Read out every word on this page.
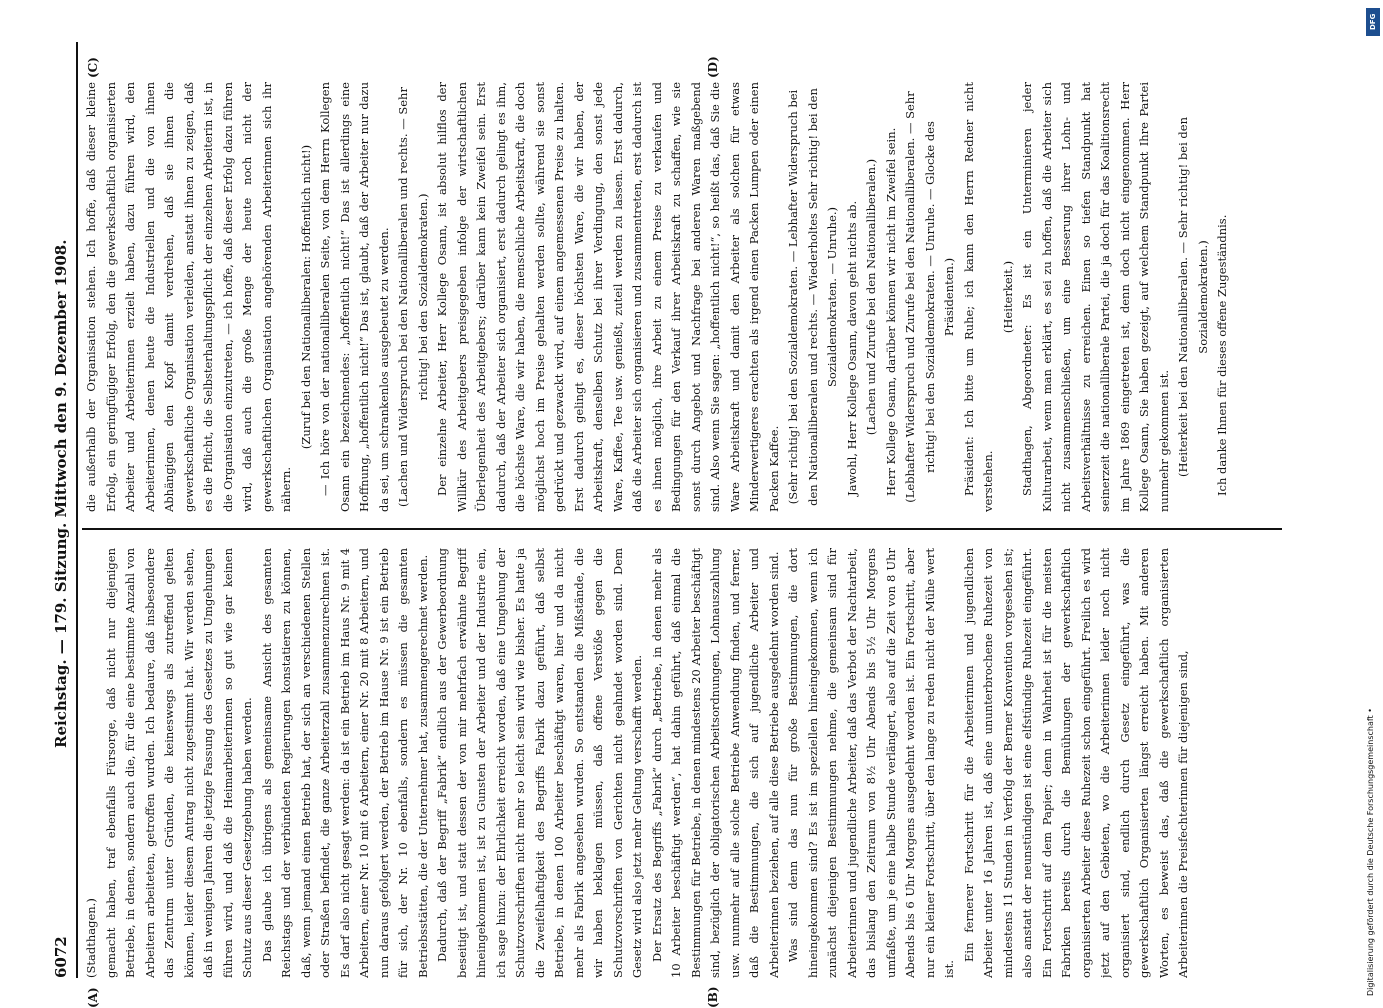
6072
Reichstag. — 179. Sitzung. Mittwoch den 9. Dezember 1908.

(Stadthagen.) gemacht haben, traf ebenfalls Fürsorge, daß nicht nur diejenigen Betriebe, in denen, sondern auch die, für die eine bestimmte Anzahl von Arbeitern arbeiteten, getroffen wurden. Ich bedaure, daß insbesondere das Zentrum unter Gründen, die keineswegs als zutreffend gelten können, leider diesem Antrag nicht zugestimmt hat. Wir werden sehen, daß in wenigen Jahren die jetzige Fassung des Gesetzes zu Umgehungen führen wird, und daß die Heimarbeiterinnen so gut wie gar keinen Schutz aus dieser Gesetzgebung haben werden. Das glaube ich übrigens als gemeinsame Ansicht des gesamten Reichstags und der verbündeten Regierungen konstatieren zu können, daß, wenn jemand einen Betrieb hat, der sich an verschiedenen Stellen oder Straßen befindet, die ganze Arbeiterzahl zusammenzurechnen ist. Es darf also nicht gesagt werden: da ist ein Betrieb im Haus Nr. 9 mit 4 Arbeitern, einer Nr. 10 mit 6 Arbeitern, einer Nr. 20 mit 8 Arbeitern, und nun daraus gefolgert werden, der Betrieb im Hause Nr. 9 ist ein Betrieb für sich, der Nr. 10 ebenfalls, sondern es müssen die gesamten Betriebsstätten, die der Unternehmer hat, zusammengerechnet werden. Dadurch, daß der Begriff „Fabrik“ endlich aus der Gewerbeordnung beseitigt ist, und statt dessen der von mir mehrfach erwähnte Begriff hineingekommen ist, ist zu Gunsten der Arbeiter und der Industrie ein, ich sage hinzu: der Ehrlichkeit erreicht worden, daß eine Umgehung der Schutzvorschriften nicht mehr so leicht sein wird wie bisher. Es hatte ja die Zweifelhaftigkeit des Begriffs Fabrik dazu geführt, daß selbst Betriebe, in denen 100 Arbeiter beschäftigt waren, hier und da nicht mehr als Fabrik angesehen wurden. So entstanden die Mißstände, die wir haben beklagen müssen, daß offene Verstöße gegen die Schutzvorschriften von Gerichten nicht geahndet worden sind. Dem Gesetz wird also jetzt mehr Geltung verschafft werden. Der Ersatz des Begriffs „Fabrik“ durch „Betriebe, in denen mehr als 10 Arbeiter beschäftigt werden“, hat dahin geführt, daß einmal die Bestimmungen für Betriebe, in denen mindestens 20 Arbeiter beschäftigt sind, bezüglich der obligatorischen Arbeitsordnungen, Lohnauszahlung usw. nunmehr auf alle solche Betriebe Anwendung finden, und ferner, daß die Bestimmungen, die sich auf jugendliche Arbeiter und Arbeiterinnen beziehen, auf alle diese Betriebe ausgedehnt worden sind. Was sind denn das nun für große Bestimmungen, die dort hineingekommen sind? Es ist im speziellen hineingekommen, wenn ich zunächst diejenigen Bestimmungen nehme, die gemeinsam sind für Arbeiterinnen und jugendliche Arbeiter, daß das Verbot der Nachtarbeit, das bislang den Zeitraum von 8½ Uhr Abends bis 5½ Uhr Morgens umfaßte, um je eine halbe Stunde verlängert, also auf die Zeit von 8 Uhr Abends bis 6 Uhr Morgens ausgedehnt worden ist. Ein Fortschritt, aber nur ein kleiner Fortschritt, über den lange zu reden nicht der Mühe wert ist.

Ein fernerer Fortschritt für die Arbeiterinnen und jugendlichen Arbeiter unter 16 Jahren ist, daß eine ununterbrochene Ruhezeit von mindestens 11 Stunden in Verfolg der Berner Konvention vorgesehen ist; also anstatt der neunstündigen ist eine elfstündige Ruhezeit eingeführt. Ein Fortschritt auf dem Papier; denn in Wahrheit ist für die meisten Fabriken bereits durch die Bemühungen der gewerkschaftlich organisierten Arbeiter diese Ruhezeit schon eingeführt. Freilich es wird jetzt auf den Gebieten, wo die Arbeiterinnen leider noch nicht organisiert sind, endlich durch Gesetz eingeführt, was die gewerkschaftlich Organisierten längst erreicht haben. Mit anderen Worten, es beweist das, daß die gewerkschaftlich organisierten Arbeiterinnen die Preisfechterinnen für diejenigen sind,

die außerhalb der Organisation stehen. Ich hoffe, daß dieser kleine Erfolg, ein geringfügiger Erfolg, den die gewerkschaftlich organisierten Arbeiter und Arbeiterinnen erzielt haben, dazu führen wird, den Arbeiterinnen, denen heute die Industriellen und die von ihnen Abhängigen den Kopf damit verdrehen, daß sie ihnen die gewerkschaftliche Organisation verleiden, anstatt ihnen zu zeigen, daß es die Pflicht, die Selbsterhaltungspflicht der einzelnen Arbeiterin ist, in die Organisation einzutreten, — ich hoffe, daß dieser Erfolg dazu führen wird, daß auch die große Menge der heute noch nicht der gewerkschaftlichen Organisation angehörenden Arbeiterinnen sich ihr nähern.

(Zuruf bei den Nationalliberalen: Hoffentlich nicht!) — Ich höre von der nationalliberalen Seite, von dem Herrn Kollegen Osann ein bezeichnendes: „hoffentlich nicht!“ Das ist allerdings eine Hoffnung, „hoffentlich nicht!“ Das ist, glaubt, daß der Arbeiter nur dazu da sei, um schrankenlos ausgebeutet zu werden. (Lachen und Widerspruch bei den Nationalliberalen und rechts. — Sehr richtig! bei den Sozialdemokraten.) Der einzelne Arbeiter, Herr Kollege Osann, ist absolut hilflos der Willkür des Arbeitgebers preisgegeben infolge der wirtschaftlichen Überlegenheit des Arbeitgebers; darüber kann kein Zweifel sein. Erst dadurch, daß der Arbeiter sich organisiert, erst dadurch gelingt es ihm, die höchste Ware, die wir haben, die menschliche Arbeitskraft, die doch möglichst hoch im Preise gehalten werden sollte, während sie sonst gedrückt und gezwackt wird, auf einem angemessenen Preise zu halten. Erst dadurch gelingt es, dieser höchsten Ware, die wir haben, der Arbeitskraft, denselben Schutz bei ihrer Verdingung, den sonst jede Ware, Kaffee, Tee usw. genießt, zuteil werden zu lassen. Erst dadurch, daß die Arbeiter sich organisieren und zusammentreten, erst dadurch ist es ihnen möglich, ihre Arbeit zu einem Preise zu verkaufen und Bedingungen für den Verkauf ihrer Arbeitskraft zu schaffen, wie sie sonst durch Angebot und Nachfrage bei anderen Waren maßgebend sind. Also wenn Sie sagen: „hoffentlich nicht!“, so heißt das, daß Sie die Ware Arbeitskraft und damit den Arbeiter als solchen für etwas Minderwertigeres erachten als irgend einen Packen Lumpen oder einen Packen Kaffee. (Sehr richtig! bei den Sozialdemokraten. — Lebhafter Widerspruch bei den Nationalliberalen und rechts. — Wiederholtes Sehr richtig! bei den Sozialdemokraten. — Unruhe.) Jawohl, Herr Kollege Osann, davon geht nichts ab. (Lachen und Zurufe bei den Nationalliberalen.) Herr Kollege Osann, darüber können wir nicht im Zweifel sein. (Lebhafter Widerspruch und Zurufe bei den Nationalliberalen. — Sehr richtig! bei den Sozialdemokraten. — Unruhe. — Glocke des Präsidenten.) Präsident: Ich bitte um Ruhe; ich kann den Herrn Redner nicht verstehen.

(Heiterkeit.) Stadthagen, Abgeordneter: Es ist ein Unterminieren jeder Kulturarbeit, wenn man erklärt, es sei zu hoffen, daß die Arbeiter sich nicht zusammenschließen, um eine Besserung ihrer Lohn- und Arbeitsverhältnisse zu erreichen. Einen so tiefen Standpunkt hat seinerzeit die nationalliberale Partei, die ja doch für das Koalitionsrecht im Jahre 1869 eingetreten ist, denn doch nicht eingenommen. Herr Kollege Osann, Sie haben gezeigt, auf welchem Standpunkt Ihre Partei nunmehr gekommen ist. (Heiterkeit bei den Nationalliberalen. — Sehr richtig! bei den Sozialdemokraten.) Ich danke Ihnen für dieses offene Zugeständnis.

(A)	(B)
(C)	(D)
Digitalisierung gefördert durch die Deutsche Forschungsgemeinschaft •
DFG
